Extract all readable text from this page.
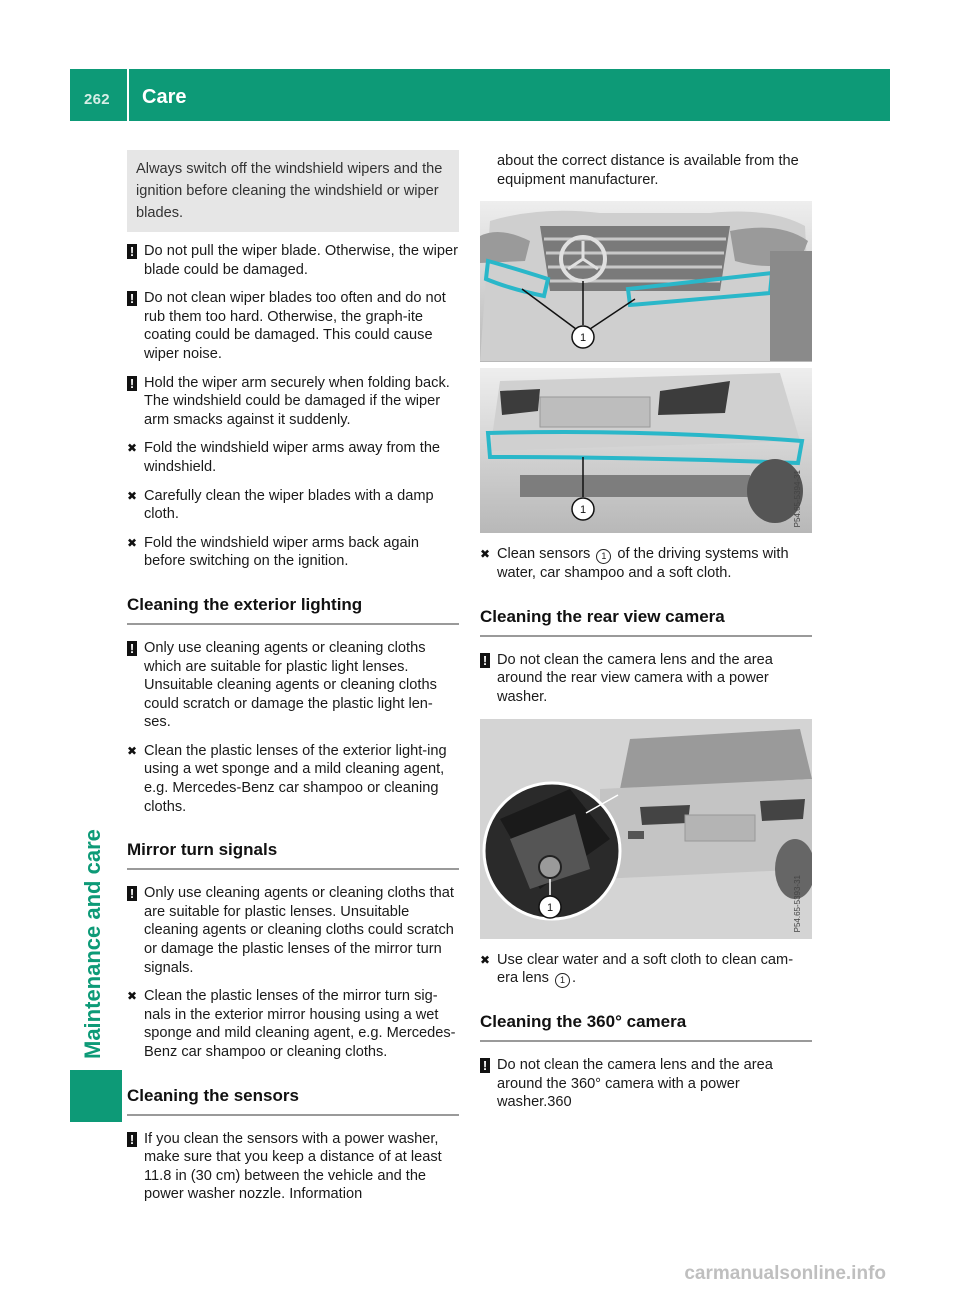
262 Care
Maintenance and care
Always switch off the windshield wipers and the ignition before cleaning the windshield or wiper blades.
! Do not pull the wiper blade. Otherwise, the wiper blade could be damaged.
! Do not clean wiper blades too often and do not rub them too hard. Otherwise, the graph-ite coating could be damaged. This could cause wiper noise.
! Hold the wiper arm securely when folding back. The windshield could be damaged if the wiper arm smacks against it suddenly.
✖ Fold the windshield wiper arms away from the windshield.
✖ Carefully clean the wiper blades with a damp cloth.
✖ Fold the windshield wiper arms back again before switching on the ignition.
Cleaning the exterior lighting
! Only use cleaning agents or cleaning cloths which are suitable for plastic light lenses. Unsuitable cleaning agents or cleaning cloths could scratch or damage the plastic light len-ses.
✖ Clean the plastic lenses of the exterior light-ing using a wet sponge and a mild cleaning agent, e.g. Mercedes-Benz car shampoo or cleaning cloths.
Mirror turn signals
! Only use cleaning agents or cleaning cloths that are suitable for plastic lenses. Unsuitable cleaning agents or cleaning cloths could scratch or damage the plastic lenses of the mirror turn signals.
✖ Clean the plastic lenses of the mirror turn sig-nals in the exterior mirror housing using a wet sponge and mild cleaning agent, e.g. Mercedes-Benz car shampoo or cleaning cloths.
Cleaning the sensors
! If you clean the sensors with a power washer, make sure that you keep a distance of at least 11.8 in (30 cm) between the vehicle and the power washer nozzle. Information
about the correct distance is available from the equipment manufacturer.
1
1	P54.65-5394-31
✖ Clean sensors 1 of the driving systems with water, car shampoo and a soft cloth.
Cleaning the rear view camera
! Do not clean the camera lens and the area around the rear view camera with a power washer.
1	P54.65-5393-31
✖ Use clear water and a soft cloth to clean cam-era lens 1 .
Cleaning the 360° camera
! Do not clean the camera lens and the area around the 360° camera with a power washer.360
carmanualsonline.info
